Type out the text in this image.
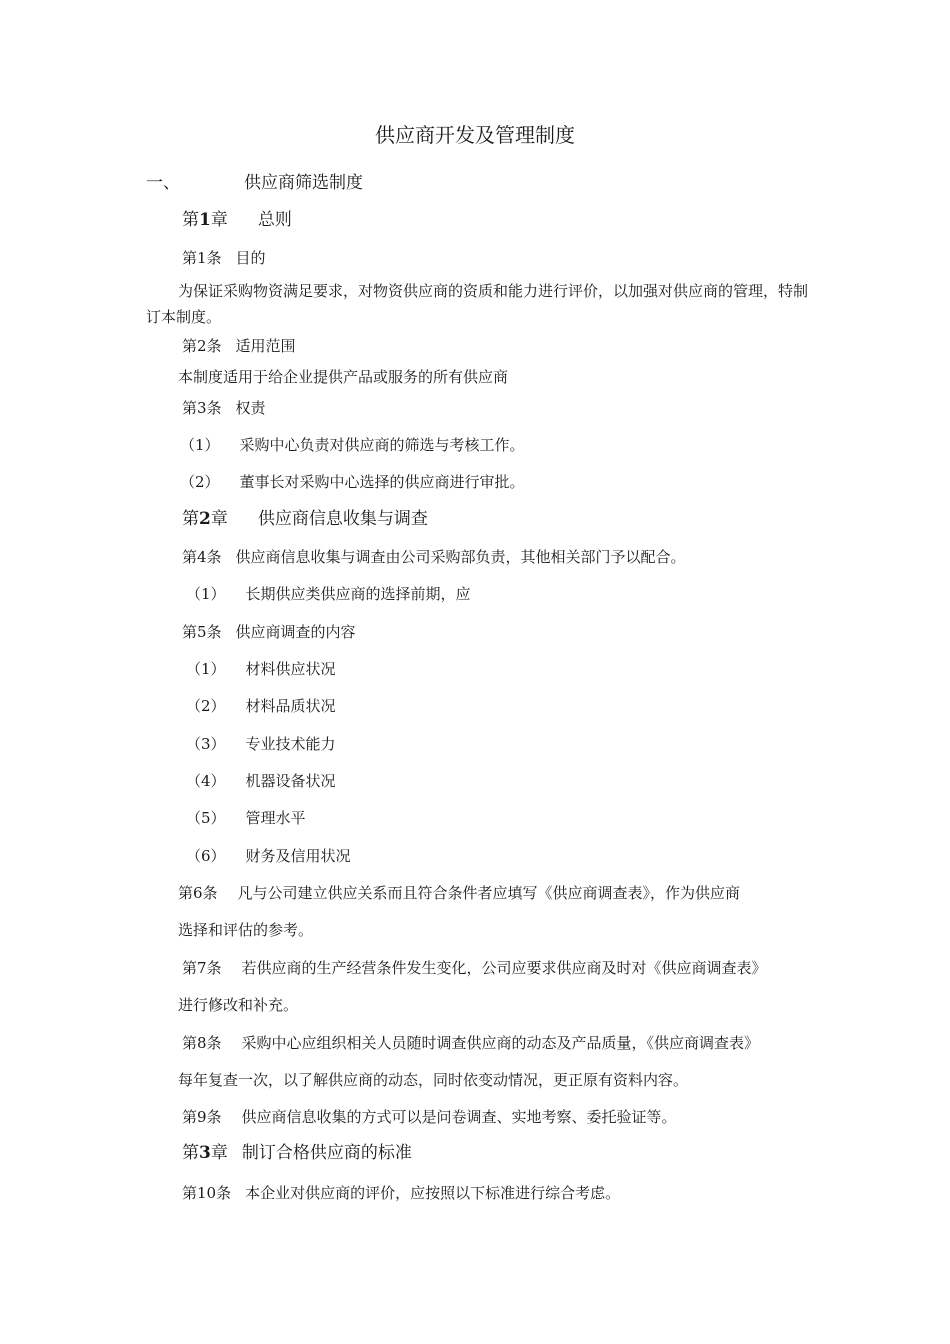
供应商开发及管理制度
一、	供应商筛选制度
第1章 总则
第1条 目的
为保证采购物资满足要求，对物资供应商的资质和能力进行评价，以加强对供应商的管理，特制订本制度。
第2条 适用范围
本制度适用于给企业提供产品或服务的所有供应商
第3条 权责
（1） 采购中心负责对供应商的筛选与考核工作。
（2） 董事长对采购中心选择的供应商进行审批。
第2章 供应商信息收集与调查
第4条 供应商信息收集与调查由公司采购部负责，其他相关部门予以配合。
（1） 长期供应类供应商的选择前期，应
第5条 供应商调查的内容
（1） 材料供应状况
（2） 材料品质状况
（3） 专业技术能力
（4） 机器设备状况
（5） 管理水平
（6） 财务及信用状况
第6条 凡与公司建立供应关系而且符合条件者应填写《供应商调查表》，作为供应商
选择和评估的参考。
第7条 若供应商的生产经营条件发生变化，公司应要求供应商及时对《供应商调查表》
进行修改和补充。
第8条 采购中心应组织相关人员随时调查供应商的动态及产品质量，《供应商调查表》
每年复查一次，以了解供应商的动态，同时依变动情况，更正原有资料内容。
第9条 供应商信息收集的方式可以是问卷调查、实地考察、委托验证等。
第3章 制订合格供应商的标准
第10条 本企业对供应商的评价，应按照以下标准进行综合考虑。
